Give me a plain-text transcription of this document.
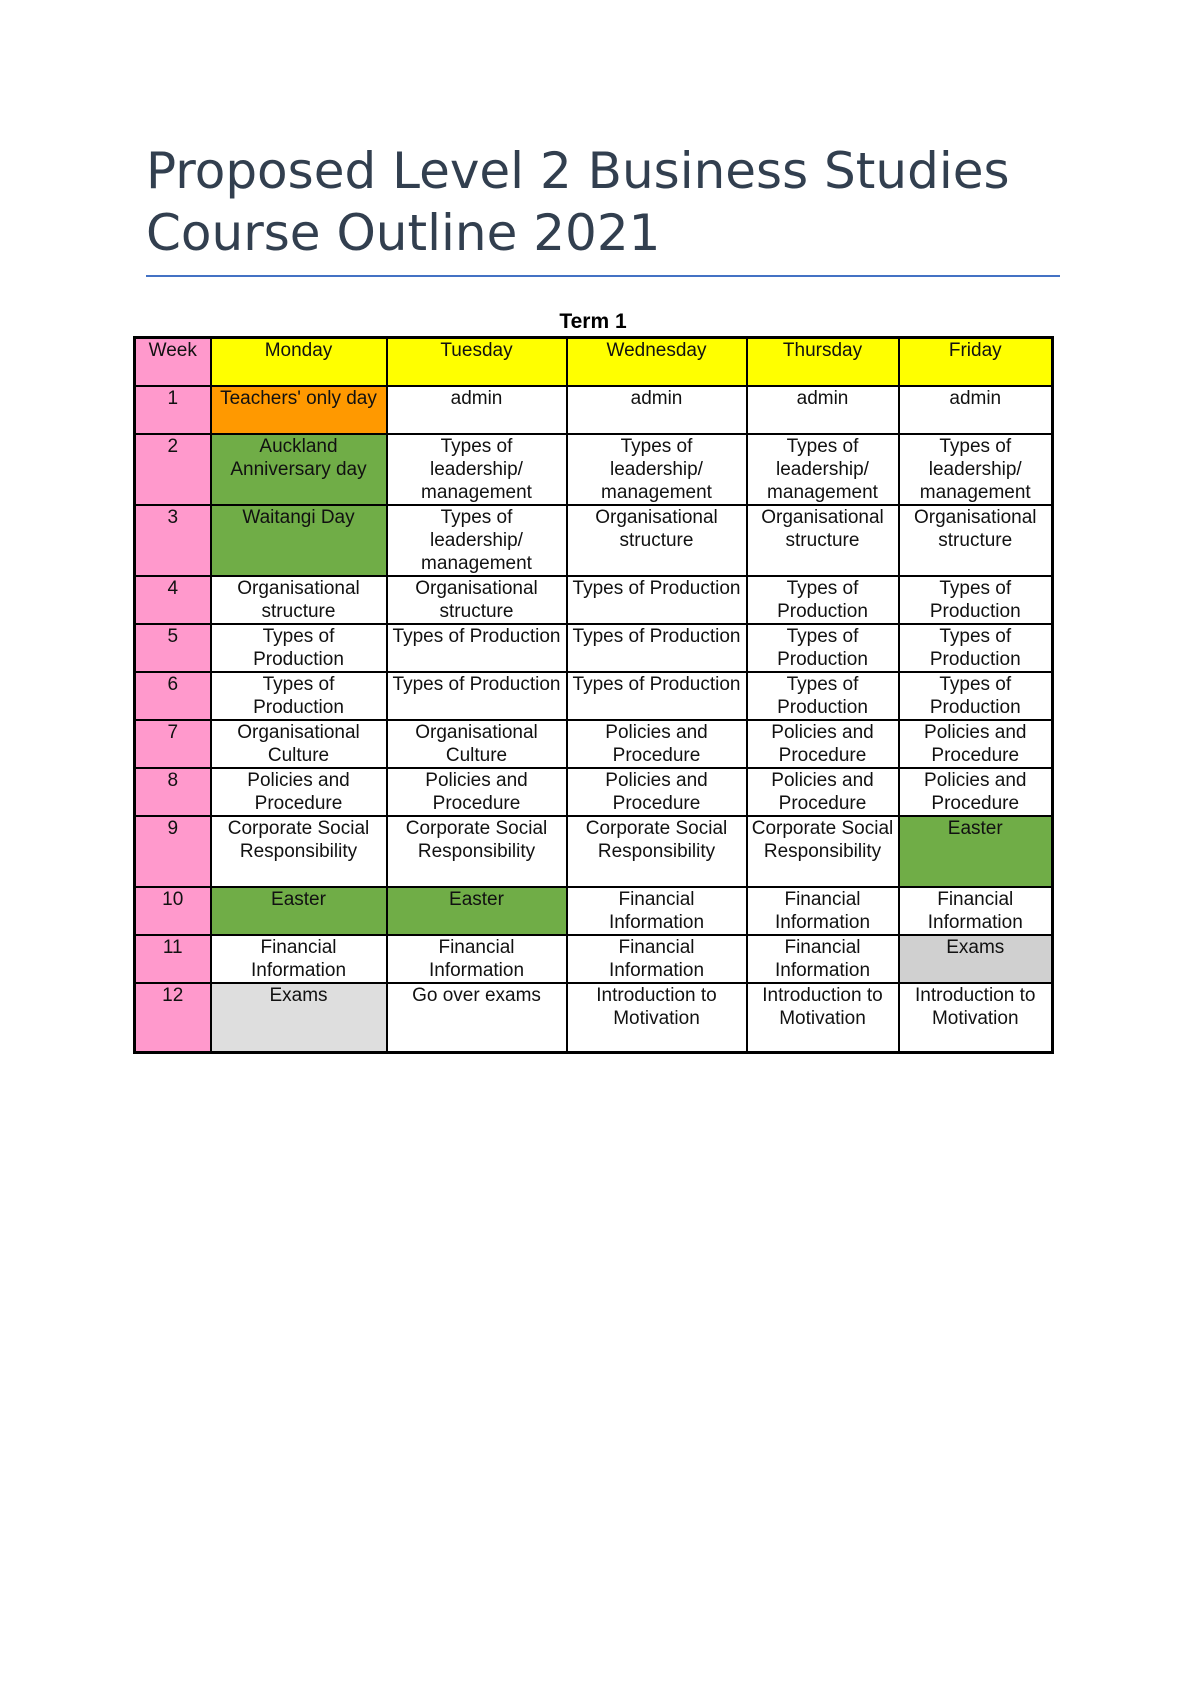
Proposed Level 2 Business Studies Course Outline 2021
Term 1
Week	Monday	Tuesday	Wednesday	Thursday	Friday
1	Teachers' only day	admin	admin	admin	admin
2	Auckland Anniversary day	Types of leadership/ management	Types of leadership/ management	Types of leadership/ management	Types of leadership/ management
3	Waitangi Day	Types of leadership/ management	Organisational structure	Organisational structure	Organisational structure
4	Organisational structure	Organisational structure	Types of Production	Types of Production	Types of Production
5	Types of Production	Types of Production	Types of Production	Types of Production	Types of Production
6	Types of Production	Types of Production	Types of Production	Types of Production	Types of Production
7	Organisational Culture	Organisational Culture	Policies and Procedure	Policies and Procedure	Policies and Procedure
8	Policies and Procedure	Policies and Procedure	Policies and Procedure	Policies and Procedure	Policies and Procedure
9	Corporate Social Responsibility	Corporate Social Responsibility	Corporate Social Responsibility	Corporate Social Responsibility	Easter
10	Easter	Easter	Financial Information	Financial Information	Financial Information
11	Financial Information	Financial Information	Financial Information	Financial Information	Exams
12	Exams	Go over exams	Introduction to Motivation	Introduction to Motivation	Introduction to Motivation
